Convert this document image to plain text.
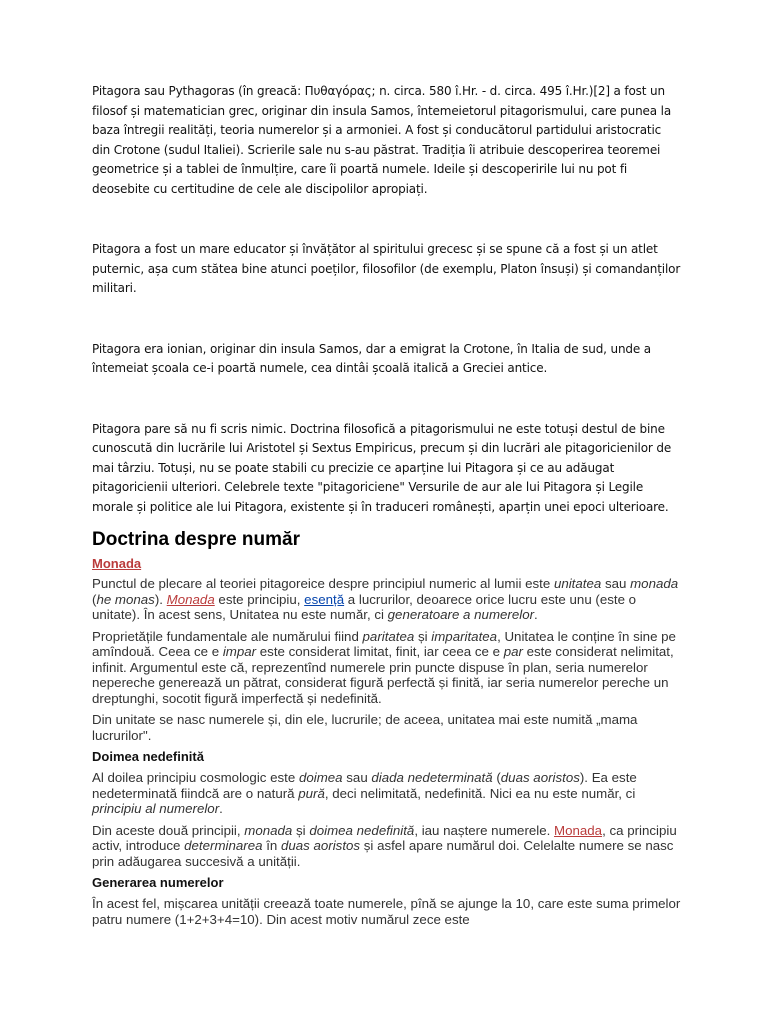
Pitagora sau Pythagoras (în greacă: Πυθαγόρας; n. circa. 580 î.Hr. - d. circa. 495 î.Hr.)[2] a fost un filosof și matematician grec, originar din insula Samos, întemeietorul pitagorismului, care punea la baza întregii realități, teoria numerelor și a armoniei. A fost și conducătorul partidului aristocratic din Crotone (sudul Italiei). Scrierile sale nu s-au păstrat. Tradiția îi atribuie descoperirea teoremei geometrice și a tablei de înmulțire, care îi poartă numele. Ideile și descoperirile lui nu pot fi deosebite cu certitudine de cele ale discipolilor apropiați.

Pitagora a fost un mare educator și învățător al spiritului grecesc și se spune că a fost și un atlet puternic, așa cum stătea bine atunci poeților, filosofilor (de exemplu, Platon însuși) și comandanților militari.

Pitagora era ionian, originar din insula Samos, dar a emigrat la Crotone, în Italia de sud, unde a întemeiat școala ce-i poartă numele, cea dintâi școală italică a Greciei antice.

Pitagora pare să nu fi scris nimic. Doctrina filosofică a pitagorismului ne este totuși destul de bine cunoscută din lucrările lui Aristotel și Sextus Empiricus, precum și din lucrări ale pitagoricienilor de mai târziu. Totuși, nu se poate stabili cu precizie ce aparține lui Pitagora și ce au adăugat pitagoricienii ulteriori. Celebrele texte "pitagoriciene" Versurile de aur ale lui Pitagora și Legile morale și politice ale lui Pitagora, existente și în traduceri românești, aparțin unei epoci ulterioare.

Doctrina despre număr
Monada

Punctul de plecare al teoriei pitagoreice despre principiul numeric al lumii este unitatea sau monada (he monas). Monada este principiu, esență a lucrurilor, deoarece orice lucru este unu (este o unitate). În acest sens, Unitatea nu este număr, ci generatoare a numerelor.

Proprietățile fundamentale ale numărului fiind paritatea și imparitatea, Unitatea le conține în sine pe amîndouă. Ceea ce e impar este considerat limitat, finit, iar ceea ce e par este considerat nelimitat, infinit. Argumentul este că, reprezentînd numerele prin puncte dispuse în plan, seria numerelor nepereche generează un pătrat, considerat figură perfectă și finită, iar seria numerelor pereche un dreptunghi, socotit figură imperfectă și nedefinită.

Din unitate se nasc numerele și, din ele, lucrurile; de aceea, unitatea mai este numită „mama lucrurilor".

Doimea nedefinită

Al doilea principiu cosmologic este doimea sau diada nedeterminată (duas aoristos). Ea este nedeterminată fiindcă are o natură pură, deci nelimitată, nedefinită. Nici ea nu este număr, ci principiu al numerelor.

Din aceste două principii, monada și doimea nedefinită, iau naștere numerele. Monada, ca principiu activ, introduce determinarea în duas aoristos și asfel apare numărul doi. Celelalte numere se nasc prin adăugarea succesivă a unității.

Generarea numerelor

În acest fel, mișcarea unității creează toate numerele, pînă se ajunge la 10, care este suma primelor patru numere (1+2+3+4=10). Din acest motiv numărul zece este
